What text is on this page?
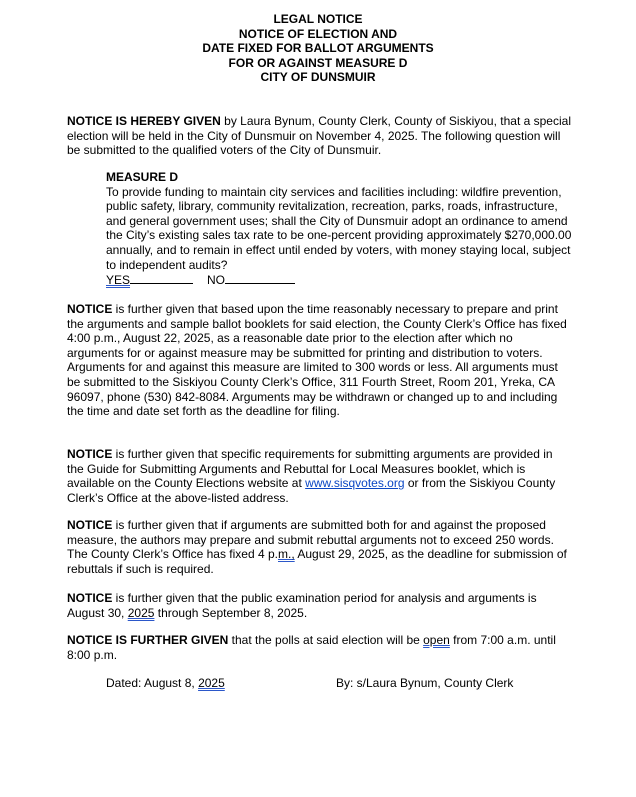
LEGAL NOTICE
NOTICE OF ELECTION AND
DATE FIXED FOR BALLOT ARGUMENTS
FOR OR AGAINST MEASURE D
CITY OF DUNSMUIR

NOTICE IS HEREBY GIVEN by Laura Bynum, County Clerk, County of Siskiyou, that a special election will be held in the City of Dunsmuir on November 4, 2025. The following question will be submitted to the qualified voters of the City of Dunsmuir.

MEASURE D
To provide funding to maintain city services and facilities including: wildfire prevention, public safety, library, community revitalization, recreation, parks, roads, infrastructure, and general government uses; shall the City of Dunsmuir adopt an ordinance to amend the City’s existing sales tax rate to be one-percent providing approximately $270,000.00 annually, and to remain in effect until ended by voters, with money staying local, subject to independent audits?
YES	NO

NOTICE is further given that based upon the time reasonably necessary to prepare and print the arguments and sample ballot booklets for said election, the County Clerk’s Office has fixed 4:00 p.m., August 22, 2025, as a reasonable date prior to the election after which no arguments for or against measure may be submitted for printing and distribution to voters. Arguments for and against this measure are limited to 300 words or less. All arguments must be submitted to the Siskiyou County Clerk’s Office, 311 Fourth Street, Room 201, Yreka, CA 96097, phone (530) 842-8084. Arguments may be withdrawn or changed up to and including the time and date set forth as the deadline for filing.

NOTICE is further given that specific requirements for submitting arguments are provided in the Guide for Submitting Arguments and Rebuttal for Local Measures booklet, which is available on the County Elections website at www.sisqvotes.org or from the Siskiyou County Clerk’s Office at the above-listed address.

NOTICE is further given that if arguments are submitted both for and against the proposed measure, the authors may prepare and submit rebuttal arguments not to exceed 250 words. The County Clerk’s Office has fixed 4 p.m., August 29, 2025, as the deadline for submission of rebuttals if such is required.

NOTICE is further given that the public examination period for analysis and arguments is August 30, 2025 through September 8, 2025.

NOTICE IS FURTHER GIVEN that the polls at said election will be open from 7:00 a.m. until 8:00 p.m.

Dated: August 8, 2025	By: s/Laura Bynum, County Clerk
